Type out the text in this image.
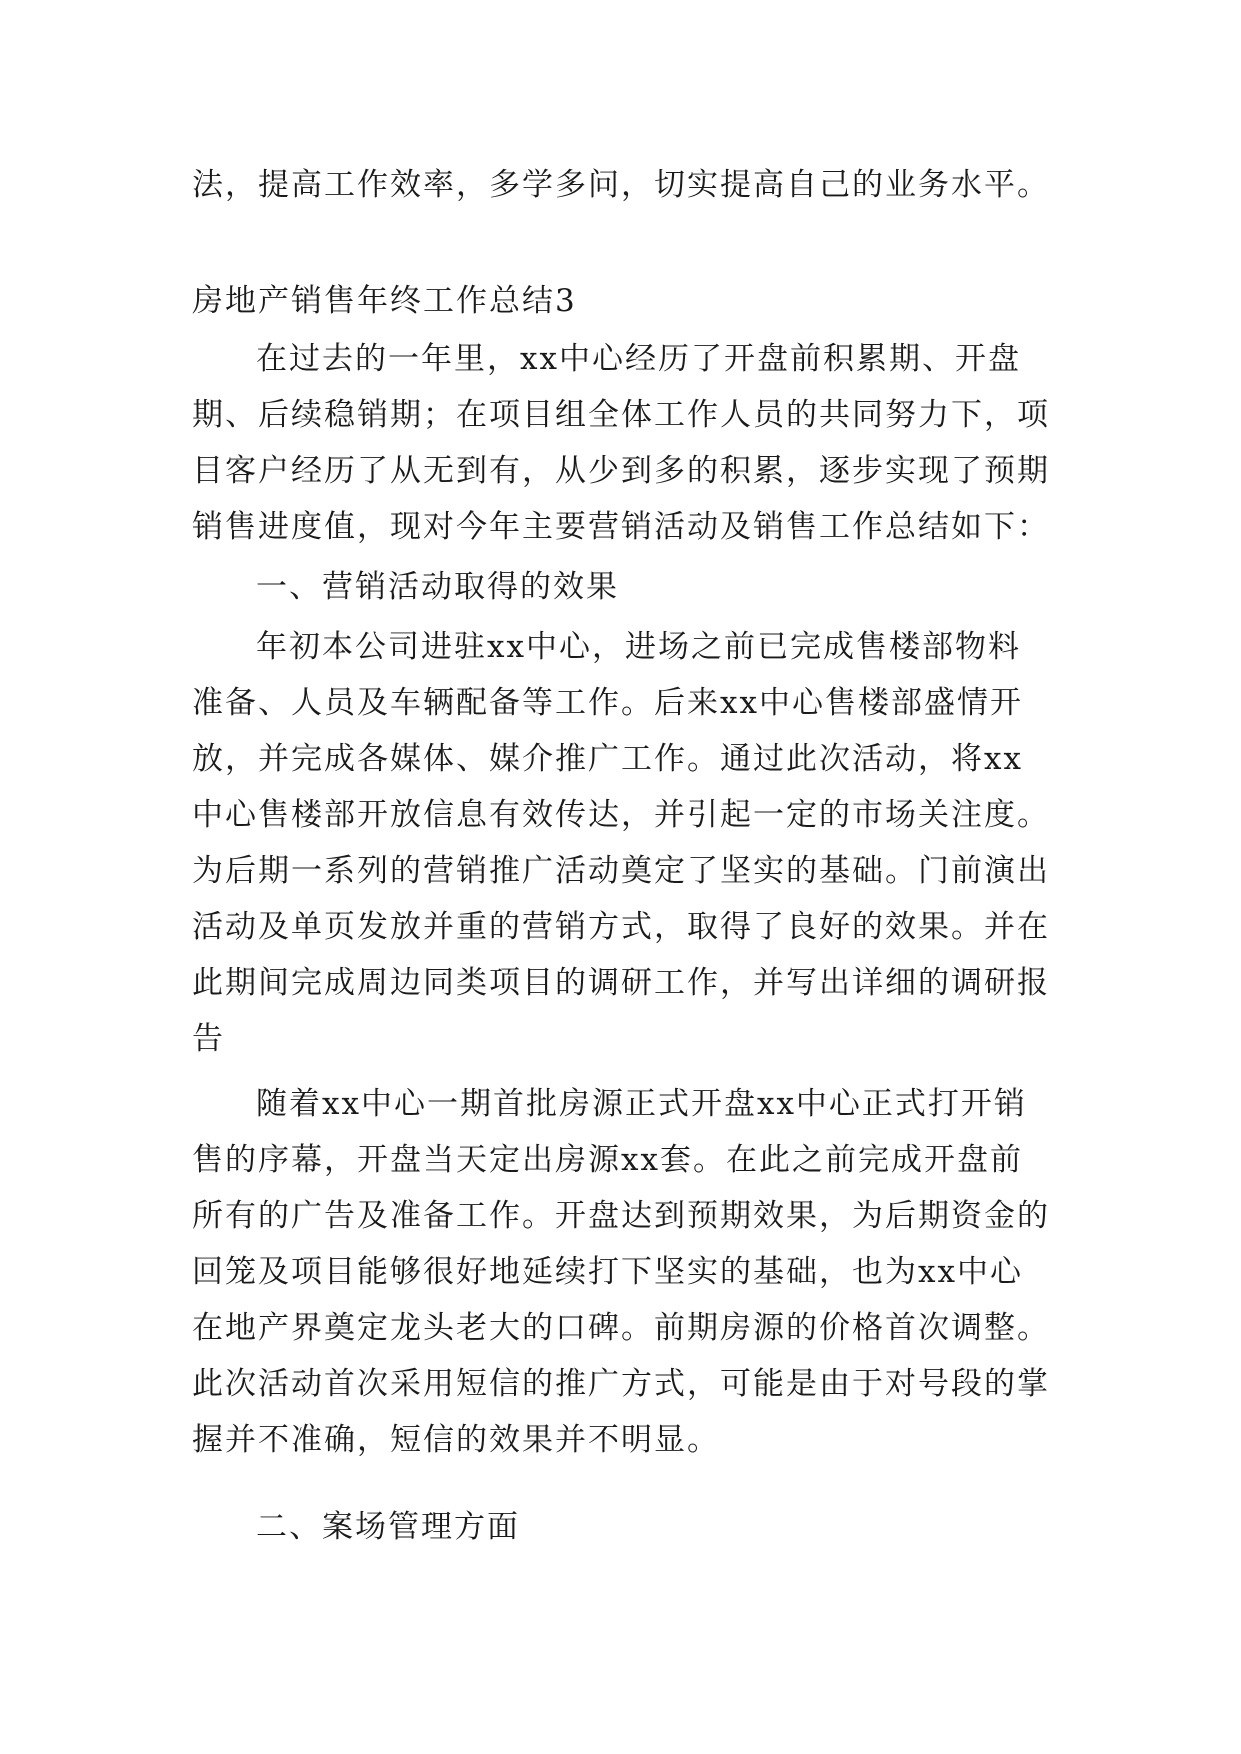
法，提高工作效率，多学多问，切实提高自己的业务水平。

房地产销售年终工作总结3

在过去的一年里，xx中心经历了开盘前积累期、开盘期、后续稳销期；在项目组全体工作人员的共同努力下，项目客户经历了从无到有，从少到多的积累，逐步实现了预期销售进度值，现对今年主要营销活动及销售工作总结如下：

一、营销活动取得的效果

年初本公司进驻xx中心，进场之前已完成售楼部物料准备、人员及车辆配备等工作。后来xx中心售楼部盛情开放，并完成各媒体、媒介推广工作。通过此次活动，将xx中心售楼部开放信息有效传达，并引起一定的市场关注度。为后期一系列的营销推广活动奠定了坚实的基础。门前演出活动及单页发放并重的营销方式，取得了良好的效果。并在此期间完成周边同类项目的调研工作，并写出详细的调研报告

随着xx中心一期首批房源正式开盘xx中心正式打开销售的序幕，开盘当天定出房源xx套。在此之前完成开盘前所有的广告及准备工作。开盘达到预期效果，为后期资金的回笼及项目能够很好地延续打下坚实的基础，也为xx中心在地产界奠定龙头老大的口碑。前期房源的价格首次调整。此次活动首次采用短信的推广方式，可能是由于对号段的掌握并不准确，短信的效果并不明显。

二、案场管理方面
